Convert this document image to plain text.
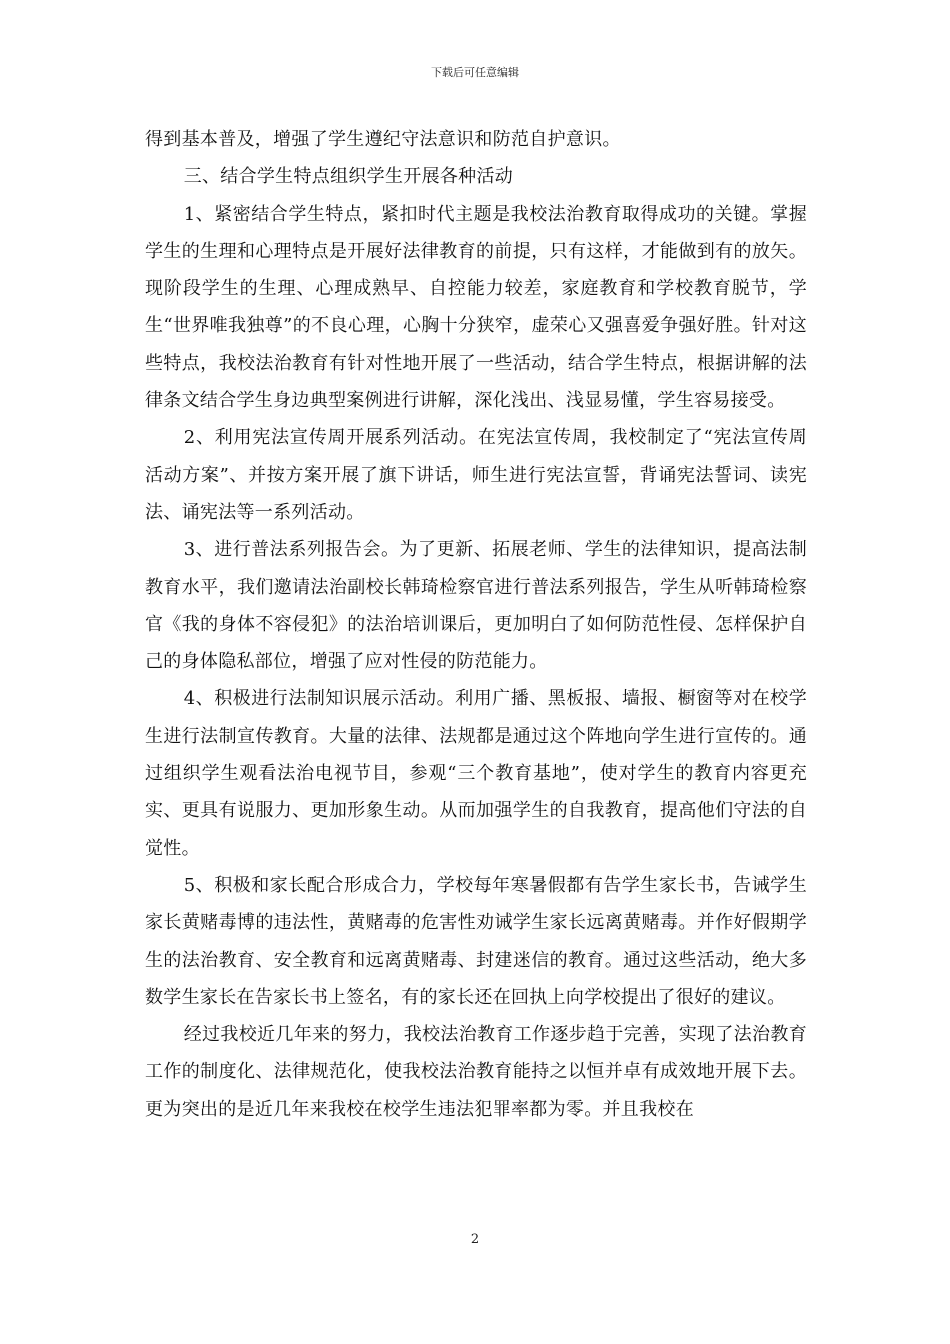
下载后可任意编辑

得到基本普及，增强了学生遵纪守法意识和防范自护意识。

三、结合学生特点组织学生开展各种活动

1、紧密结合学生特点，紧扣时代主题是我校法治教育取得成功的关键。掌握学生的生理和心理特点是开展好法律教育的前提，只有这样，才能做到有的放矢。现阶段学生的生理、心理成熟早、自控能力较差，家庭教育和学校教育脱节，学生“世界唯我独尊”的不良心理，心胸十分狭窄，虚荣心又强喜爱争强好胜。针对这些特点，我校法治教育有针对性地开展了一些活动，结合学生特点，根据讲解的法律条文结合学生身边典型案例进行讲解，深化浅出、浅显易懂，学生容易接受。

2、利用宪法宣传周开展系列活动。在宪法宣传周，我校制定了“宪法宣传周活动方案”、并按方案开展了旗下讲话，师生进行宪法宣誓，背诵宪法誓词、读宪法、诵宪法等一系列活动。

3、进行普法系列报告会。为了更新、拓展老师、学生的法律知识，提高法制教育水平，我们邀请法治副校长韩琦检察官进行普法系列报告，学生从听韩琦检察官《我的身体不容侵犯》的法治培训课后，更加明白了如何防范性侵、怎样保护自己的身体隐私部位，增强了应对性侵的防范能力。

4、积极进行法制知识展示活动。利用广播、黑板报、墙报、橱窗等对在校学生进行法制宣传教育。大量的法律、法规都是通过这个阵地向学生进行宣传的。通过组织学生观看法治电视节目，参观“三个教育基地”，使对学生的教育内容更充实、更具有说服力、更加形象生动。从而加强学生的自我教育，提高他们守法的自觉性。

5、积极和家长配合形成合力，学校每年寒暑假都有告学生家长书，告诫学生家长黄赌毒博的违法性，黄赌毒的危害性劝诫学生家长远离黄赌毒。并作好假期学生的法治教育、安全教育和远离黄赌毒、封建迷信的教育。通过这些活动，绝大多数学生家长在告家长书上签名，有的家长还在回执上向学校提出了很好的建议。

经过我校近几年来的努力，我校法治教育工作逐步趋于完善，实现了法治教育工作的制度化、法律规范化，使我校法治教育能持之以恒并卓有成效地开展下去。更为突出的是近几年来我校在校学生违法犯罪率都为零。并且我校在

2
